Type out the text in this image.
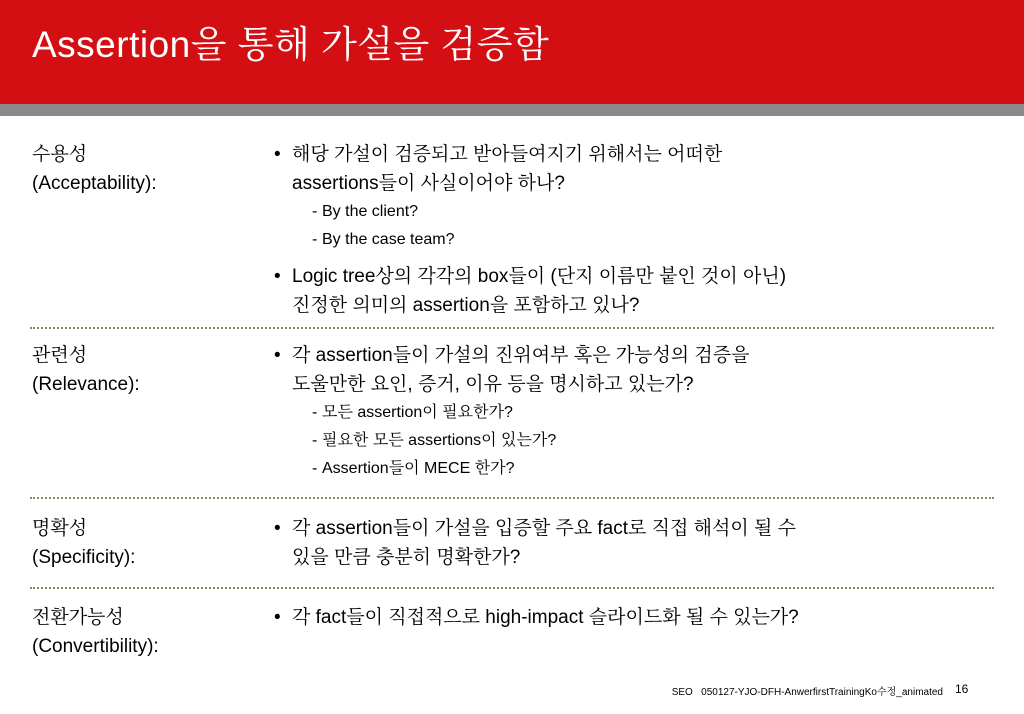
Assertion을 통해 가설을 검증함
수용성
(Acceptability):
• 해당 가설이 검증되고 받아들여지기 위해서는 어떠한
assertions들이 사실이어야 하나?
- By the client?
- By the case team?
• Logic tree상의 각각의 box들이 (단지 이름만 붙인 것이 아닌)
진정한 의미의 assertion을 포함하고 있나?
관련성
(Relevance):
• 각 assertion들이 가설의 진위여부 혹은 가능성의 검증을
도울만한 요인, 증거, 이유 등을 명시하고 있는가?
- 모든 assertion이 필요한가?
- 필요한 모든 assertions이 있는가?
- Assertion들이 MECE 한가?
명확성
(Specificity):
• 각 assertion들이 가설을 입증할 주요 fact로 직접 해석이 될 수
있을 만큼 충분히 명확한가?
전환가능성
(Convertibility):
• 각 fact들이 직접적으로 high-impact 슬라이드화 될 수 있는가?
SEO   050127-YJO-DFH-AnwerfirstTrainingKo수정_animated 16
